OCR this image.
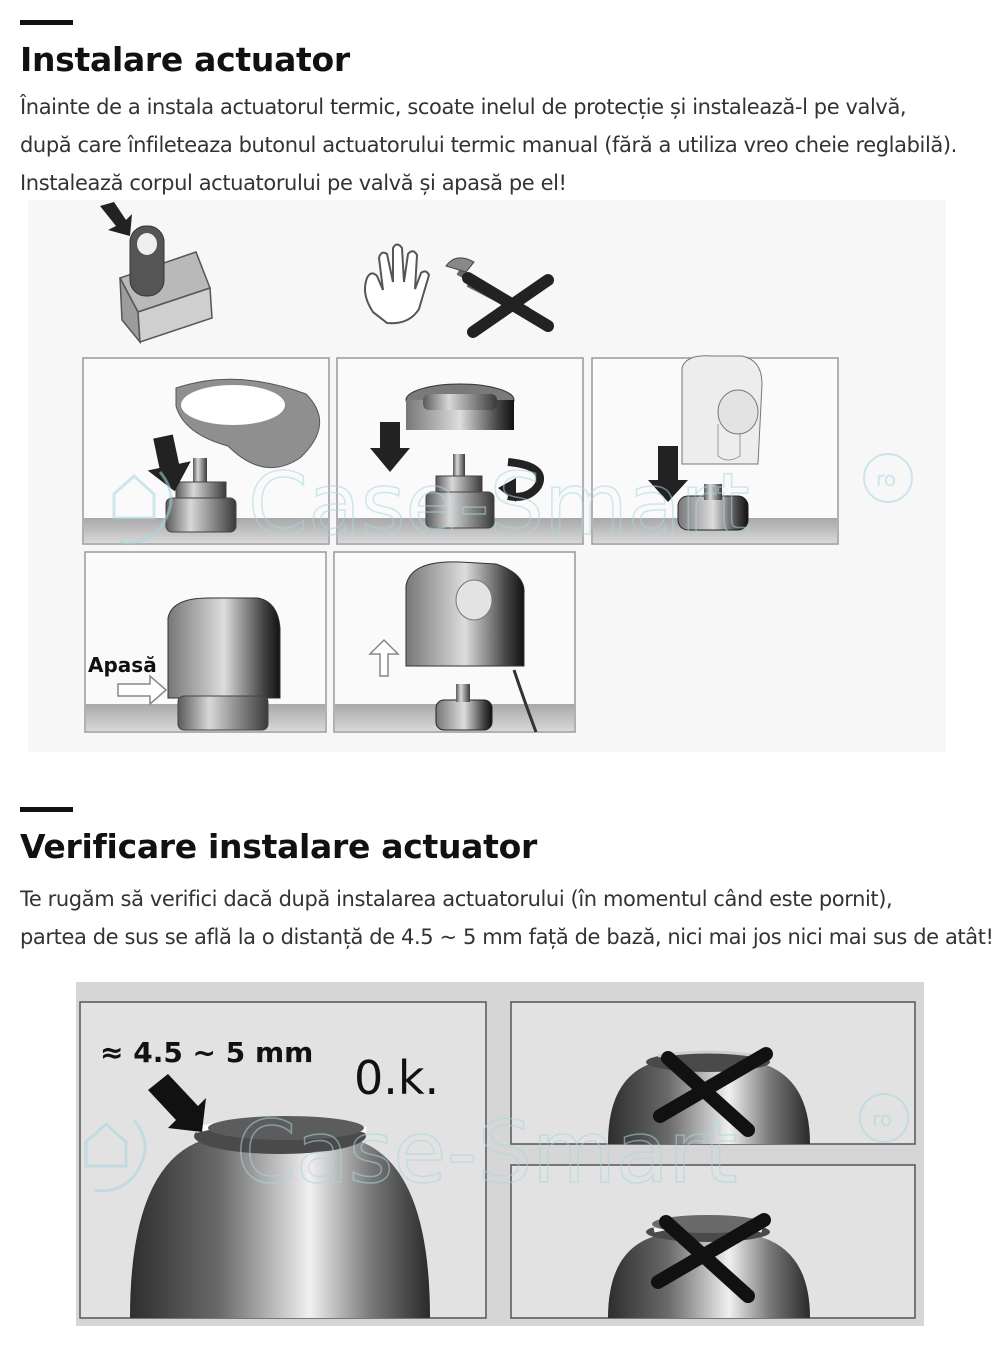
Instalare actuator
Înainte de a instala actuatorul termic, scoate inelul de protecție și instalează-l pe valvă,
după care înfileteaza butonul actuatorului termic manual (fără a utiliza vreo cheie reglabilă).
Instalează corpul actuatorului pe valvă și apasă pe el!
Apasă
Case-Smart	ro
Verificare instalare actuator
Te rugăm să verifici dacă după instalarea actuatorului (în momentul când este pornit),
partea de sus se află la o distanță de 4.5 ~ 5 mm față de bază, nici mai jos nici mai sus de atât!
≈ 4.5 ~ 5 mm 0.k.
Case-Smart	ro
